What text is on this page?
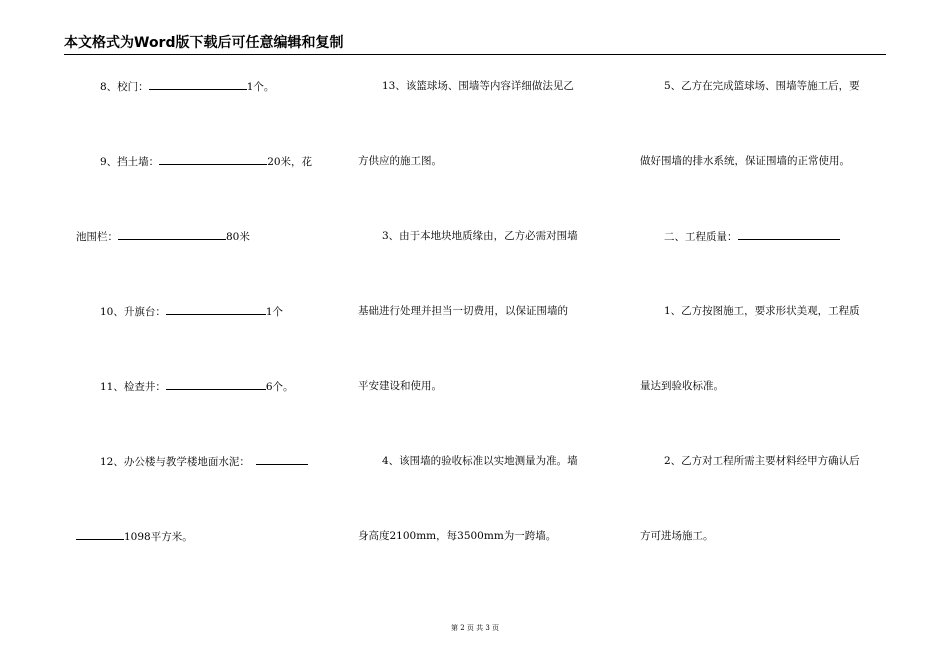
本文格式为Word版下载后可任意编辑和复制
8、校门：	1个。
9、挡土墙：	20米，花
池围栏：	80米
10、升旗台：	1个
11、检查井：	6个。
12、办公楼与教学楼地面水泥：
1098平方米。
13、该篮球场、围墙等内容详细做法见乙
方供应的施工图。
3、由于本地块地质缘由，乙方必需对围墙
基础进行处理并担当一切费用，以保证围墙的
平安建设和使用。
4、该围墙的验收标准以实地测量为准。墙
身高度2100mm，每3500mm为一跨墙。
5、乙方在完成篮球场、围墙等施工后，要
做好围墙的排水系统，保证围墙的正常使用。
二、工程质量：
1、乙方按图施工，要求形状美观，工程质
量达到验收标准。
2、乙方对工程所需主要材料经甲方确认后
方可进场施工。
第 2 页 共 3 页
